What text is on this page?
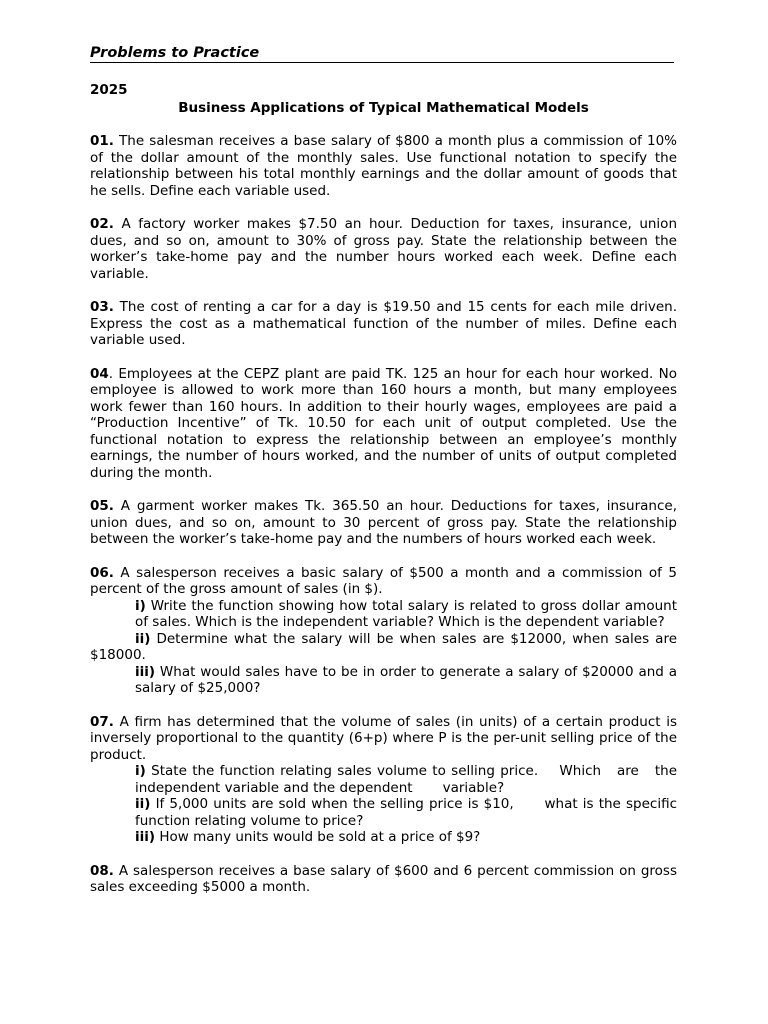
Problems to Practice
2025
Business Applications of Typical Mathematical Models
01. The salesman receives a base salary of $800 a month plus a commission of 10% of the dollar amount of the monthly sales. Use functional notation to specify the relationship between his total monthly earnings and the dollar amount of goods that he sells. Define each variable used.
02. A factory worker makes $7.50 an hour. Deduction for taxes, insurance, union dues, and so on, amount to 30% of gross pay. State the relationship between the worker’s take-home pay and the number hours worked each week. Define each variable.
03. The cost of renting a car for a day is $19.50 and 15 cents for each mile driven. Express the cost as a mathematical function of the number of miles. Define each variable used.
04. Employees at the CEPZ plant are paid TK. 125 an hour for each hour worked. No employee is allowed to work more than 160 hours a month, but many employees work fewer than 160 hours. In addition to their hourly wages, employees are paid a “Production Incentive” of Tk. 10.50 for each unit of output completed. Use the functional notation to express the relationship between an employee’s monthly earnings, the number of hours worked, and the number of units of output completed during the month.
05. A garment worker makes Tk. 365.50 an hour. Deductions for taxes, insurance, union dues, and so on, amount to 30 percent of gross pay. State the relationship between the worker’s take-home pay and the numbers of hours worked each week.
06. A salesperson receives a basic salary of $500 a month and a commission of 5 percent of the gross amount of sales (in $).
i) Write the function showing how total salary is related to gross dollar amount of sales. Which is the independent variable? Which is the dependent variable?
ii) Determine what the salary will be when sales are $12000, when sales are $18000.
iii) What would sales have to be in order to generate a salary of $20000 and a salary of $25,000?
07. A firm has determined that the volume of sales (in units) of a certain product is inversely proportional to the quantity (6+p) where P is the per-unit selling price of the product.
i) State the function relating sales volume to selling price.    Which   are   the independent variable and the dependent       variable?
ii) If 5,000 units are sold when the selling price is $10,      what is the specific function relating volume to price?
iii) How many units would be sold at a price of $9?
08. A salesperson receives a base salary of $600 and 6 percent commission on gross sales exceeding $5000 a month.
